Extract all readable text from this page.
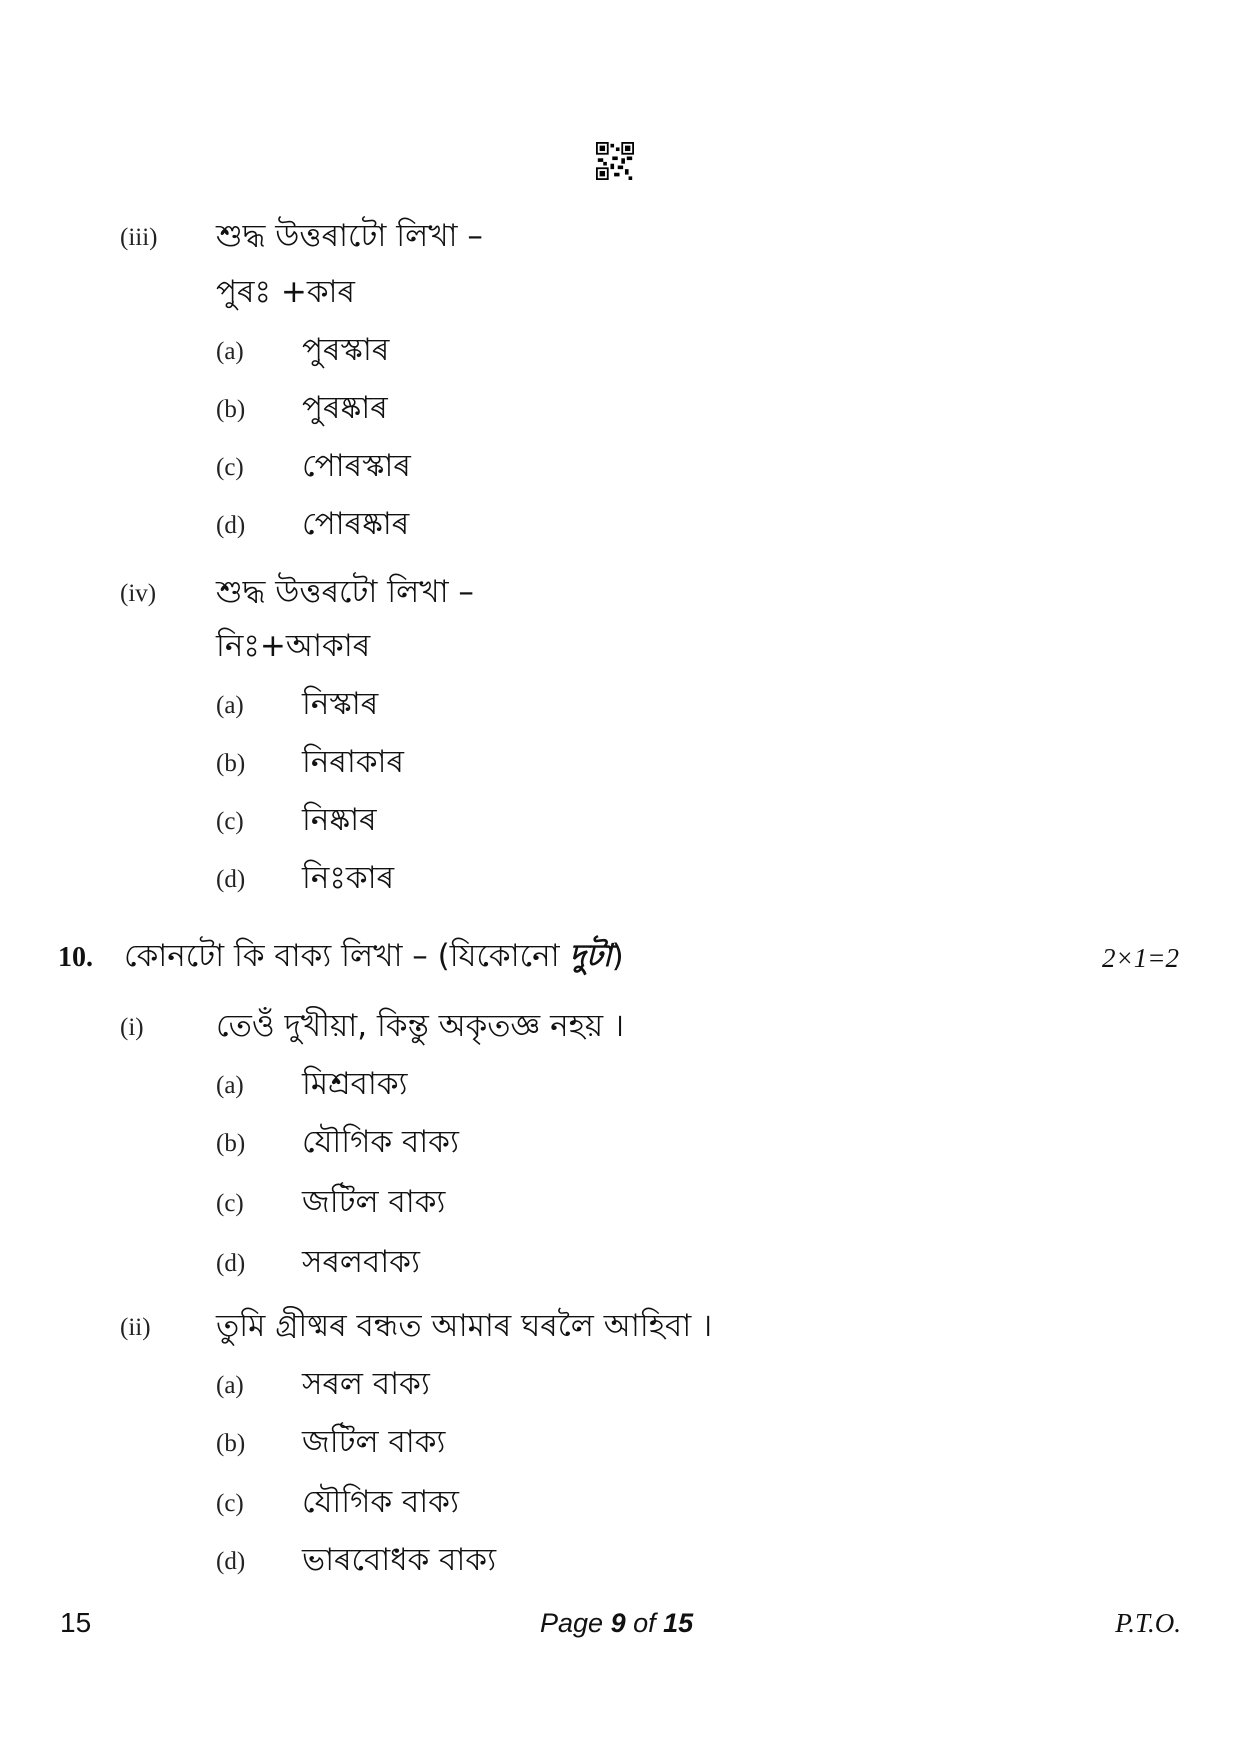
(iii) শুদ্ধ উত্তৰাটো লিখা –
পুৰঃ +কাৰ
(a) পুৰস্কাৰ
(b) পুৰষ্কাৰ
(c) পোৰস্কাৰ
(d) পোৰষ্কাৰ
(iv) শুদ্ধ উত্তৰটো লিখা –
নিঃ+আকাৰ
(a) নিস্কাৰ
(b) নিৰাকাৰ
(c) নিষ্কাৰ
(d) নিঃকাৰ
10. কোনটো কি বাক্য লিখা – (যিকোনো দুটা)	2×1=2
(i) তেওঁ দুখীয়া, কিন্তু অকৃতজ্ঞ নহয় ।
(a) মিশ্ৰবাক্য
(b) যৌগিক বাক্য
(c) জটিল বাক্য
(d) সৰলবাক্য
(ii) তুমি গ্ৰীষ্মৰ বন্ধত আমাৰ ঘৰলৈ আহিবা ।
(a) সৰল বাক্য
(b) জটিল বাক্য
(c) যৌগিক বাক্য
(d) ভাৰবোধক বাক্য
15	Page 9 of 15	P.T.O.
